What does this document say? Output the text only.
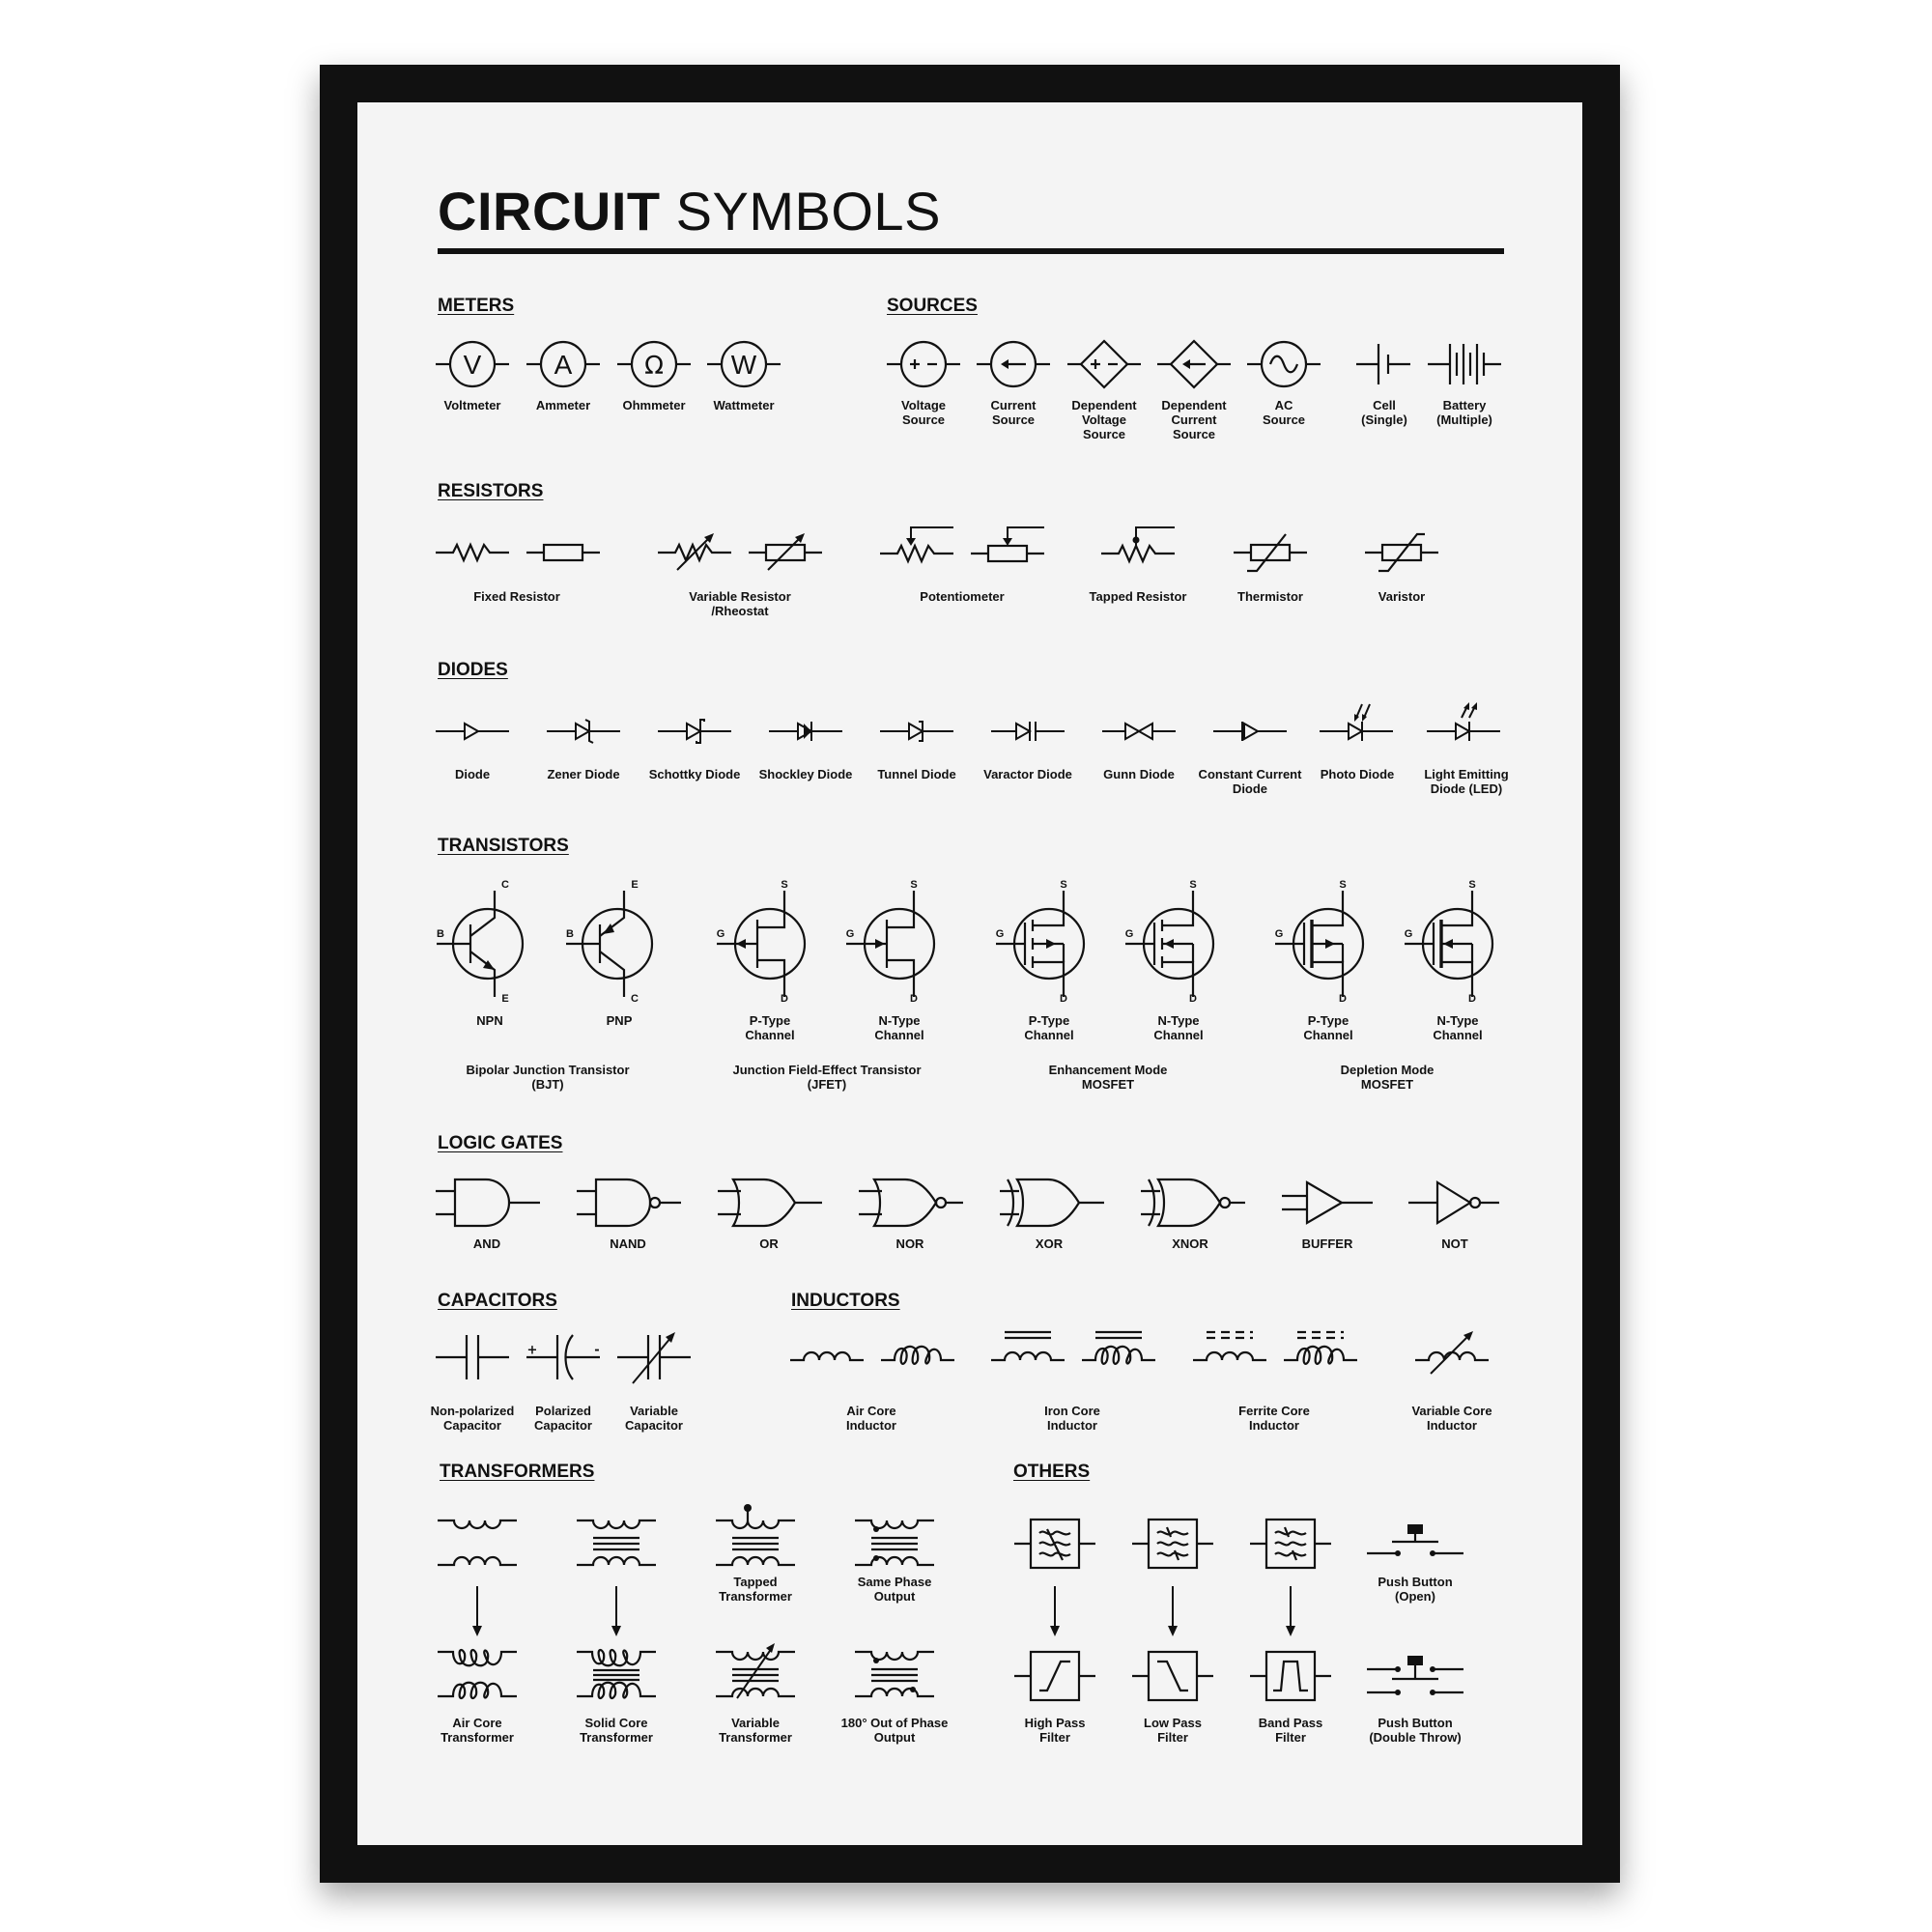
CIRCUIT SYMBOLS
METERS	SOURCES
RESISTORS
DIODES
TRANSISTORS
LOGIC GATES
CAPACITORS	INDUCTORS
TRANSFORMERS	OTHERS
V	A	Ω W
Voltmeter	Ammeter	Ohmmeter Wattmeter	Voltage
Source
Current
Source
Dependent
Voltage
Source
Dependent
Current
Source
AC
Source
Cell
(Single)
Battery
(Multiple)
Fixed Resistor	Variable Resistor
/Rheostat
Potentiometer	Tapped Resistor	Thermistor	Varistor
Diode	Zener Diode Schottky Diode Shockley Diode Tunnel Diode Varactor Diode Gunn Diode Constant Current
Diode
Photo Diode Light Emitting
Diode (LED)
C
B
E
NPN
E
B
C
PNP
S
G
D
P-Type
Channel
S
G
D
N-Type
Channel
S
G
D
P-Type
Channel
S
G
D
N-Type
Channel
S
G
D
P-Type
Channel
S
G
D
N-Type
Channel
Bipolar Junction Transistor
(BJT)
Junction Field-Effect Transistor
(JFET)
Enhancement Mode
MOSFET
Depletion Mode
MOSFET
AND	NAND	OR	NOR	XOR	XNOR	BUFFER	NOT
+	-
Non-polarized
Capacitor
Polarized
Capacitor
Variable
Capacitor
Air Core
Inductor
Iron Core
Inductor
Ferrite Core
Inductor
Variable Core
Inductor
Tapped
Transformer
Same Phase
Output
Air Core
Transformer
Solid Core
Transformer
Variable
Transformer
180° Out of Phase
Output
Push Button
(Open)
High Pass
Filter
Low Pass
Filter
Band Pass
Filter
Push Button
(Double Throw)
